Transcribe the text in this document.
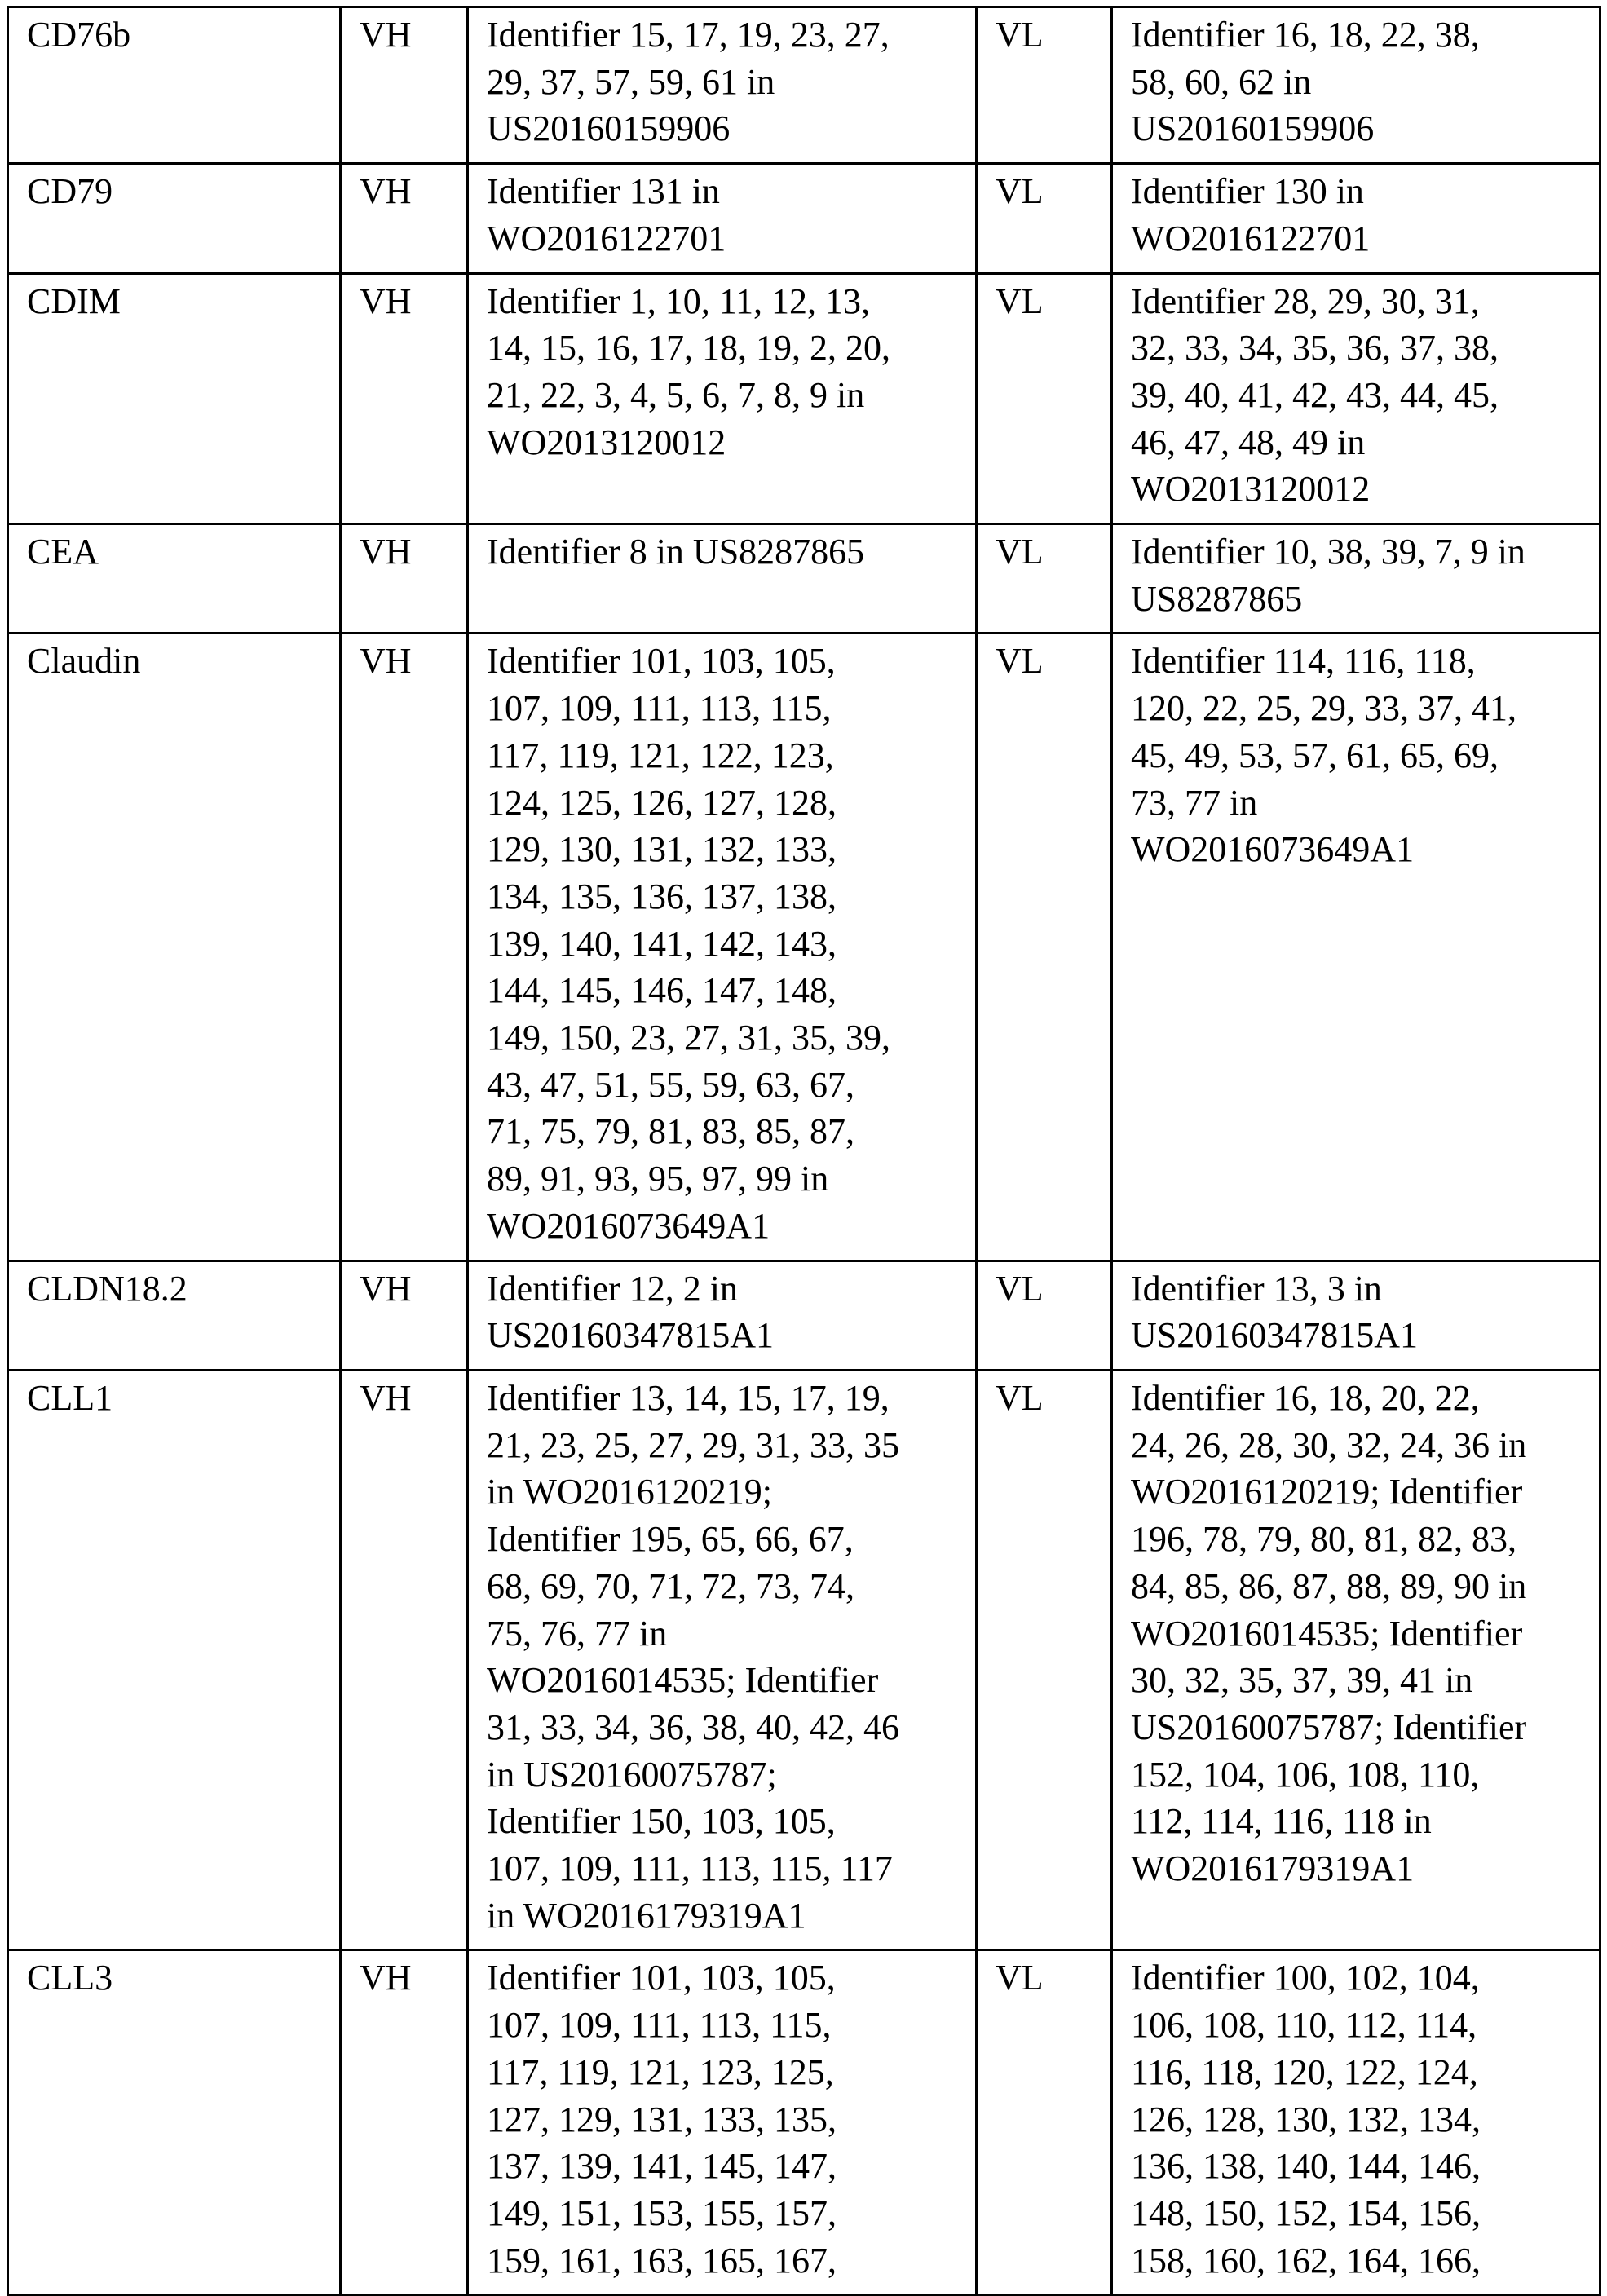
CD76b	VH	Identifier 15, 17, 19, 23, 27,
29, 37, 57, 59, 61 in
US20160159906	VL	Identifier 16, 18, 22, 38,
58, 60, 62 in
US20160159906
CD79	VH	Identifier 131 in
WO2016122701	VL	Identifier 130 in
WO2016122701
CDIM	VH	Identifier 1, 10, 11, 12, 13,
14, 15, 16, 17, 18, 19, 2, 20,
21, 22, 3, 4, 5, 6, 7, 8, 9 in
WO2013120012	VL	Identifier 28, 29, 30, 31,
32, 33, 34, 35, 36, 37, 38,
39, 40, 41, 42, 43, 44, 45,
46, 47, 48, 49 in
WO2013120012
CEA	VH	Identifier 8 in US8287865	VL	Identifier 10, 38, 39, 7, 9 in
US8287865
Claudin	VH	Identifier 101, 103, 105,
107, 109, 111, 113, 115,
117, 119, 121, 122, 123,
124, 125, 126, 127, 128,
129, 130, 131, 132, 133,
134, 135, 136, 137, 138,
139, 140, 141, 142, 143,
144, 145, 146, 147, 148,
149, 150, 23, 27, 31, 35, 39,
43, 47, 51, 55, 59, 63, 67,
71, 75, 79, 81, 83, 85, 87,
89, 91, 93, 95, 97, 99 in
WO2016073649A1	VL	Identifier 114, 116, 118,
120, 22, 25, 29, 33, 37, 41,
45, 49, 53, 57, 61, 65, 69,
73, 77 in
WO2016073649A1
CLDN18.2	VH	Identifier 12, 2 in
US20160347815A1	VL	Identifier 13, 3 in
US20160347815A1
CLL1	VH	Identifier 13, 14, 15, 17, 19,
21, 23, 25, 27, 29, 31, 33, 35
in WO2016120219;
Identifier 195, 65, 66, 67,
68, 69, 70, 71, 72, 73, 74,
75, 76, 77 in
WO2016014535; Identifier
31, 33, 34, 36, 38, 40, 42, 46
in US20160075787;
Identifier 150, 103, 105,
107, 109, 111, 113, 115, 117
in WO2016179319A1	VL	Identifier 16, 18, 20, 22,
24, 26, 28, 30, 32, 24, 36 in
WO2016120219; Identifier
196, 78, 79, 80, 81, 82, 83,
84, 85, 86, 87, 88, 89, 90 in
WO2016014535; Identifier
30, 32, 35, 37, 39, 41 in
US20160075787; Identifier
152, 104, 106, 108, 110,
112, 114, 116, 118 in
WO2016179319A1
CLL3	VH	Identifier 101, 103, 105,
107, 109, 111, 113, 115,
117, 119, 121, 123, 125,
127, 129, 131, 133, 135,
137, 139, 141, 145, 147,
149, 151, 153, 155, 157,
159, 161, 163, 165, 167,	VL	Identifier 100, 102, 104,
106, 108, 110, 112, 114,
116, 118, 120, 122, 124,
126, 128, 130, 132, 134,
136, 138, 140, 144, 146,
148, 150, 152, 154, 156,
158, 160, 162, 164, 166,
